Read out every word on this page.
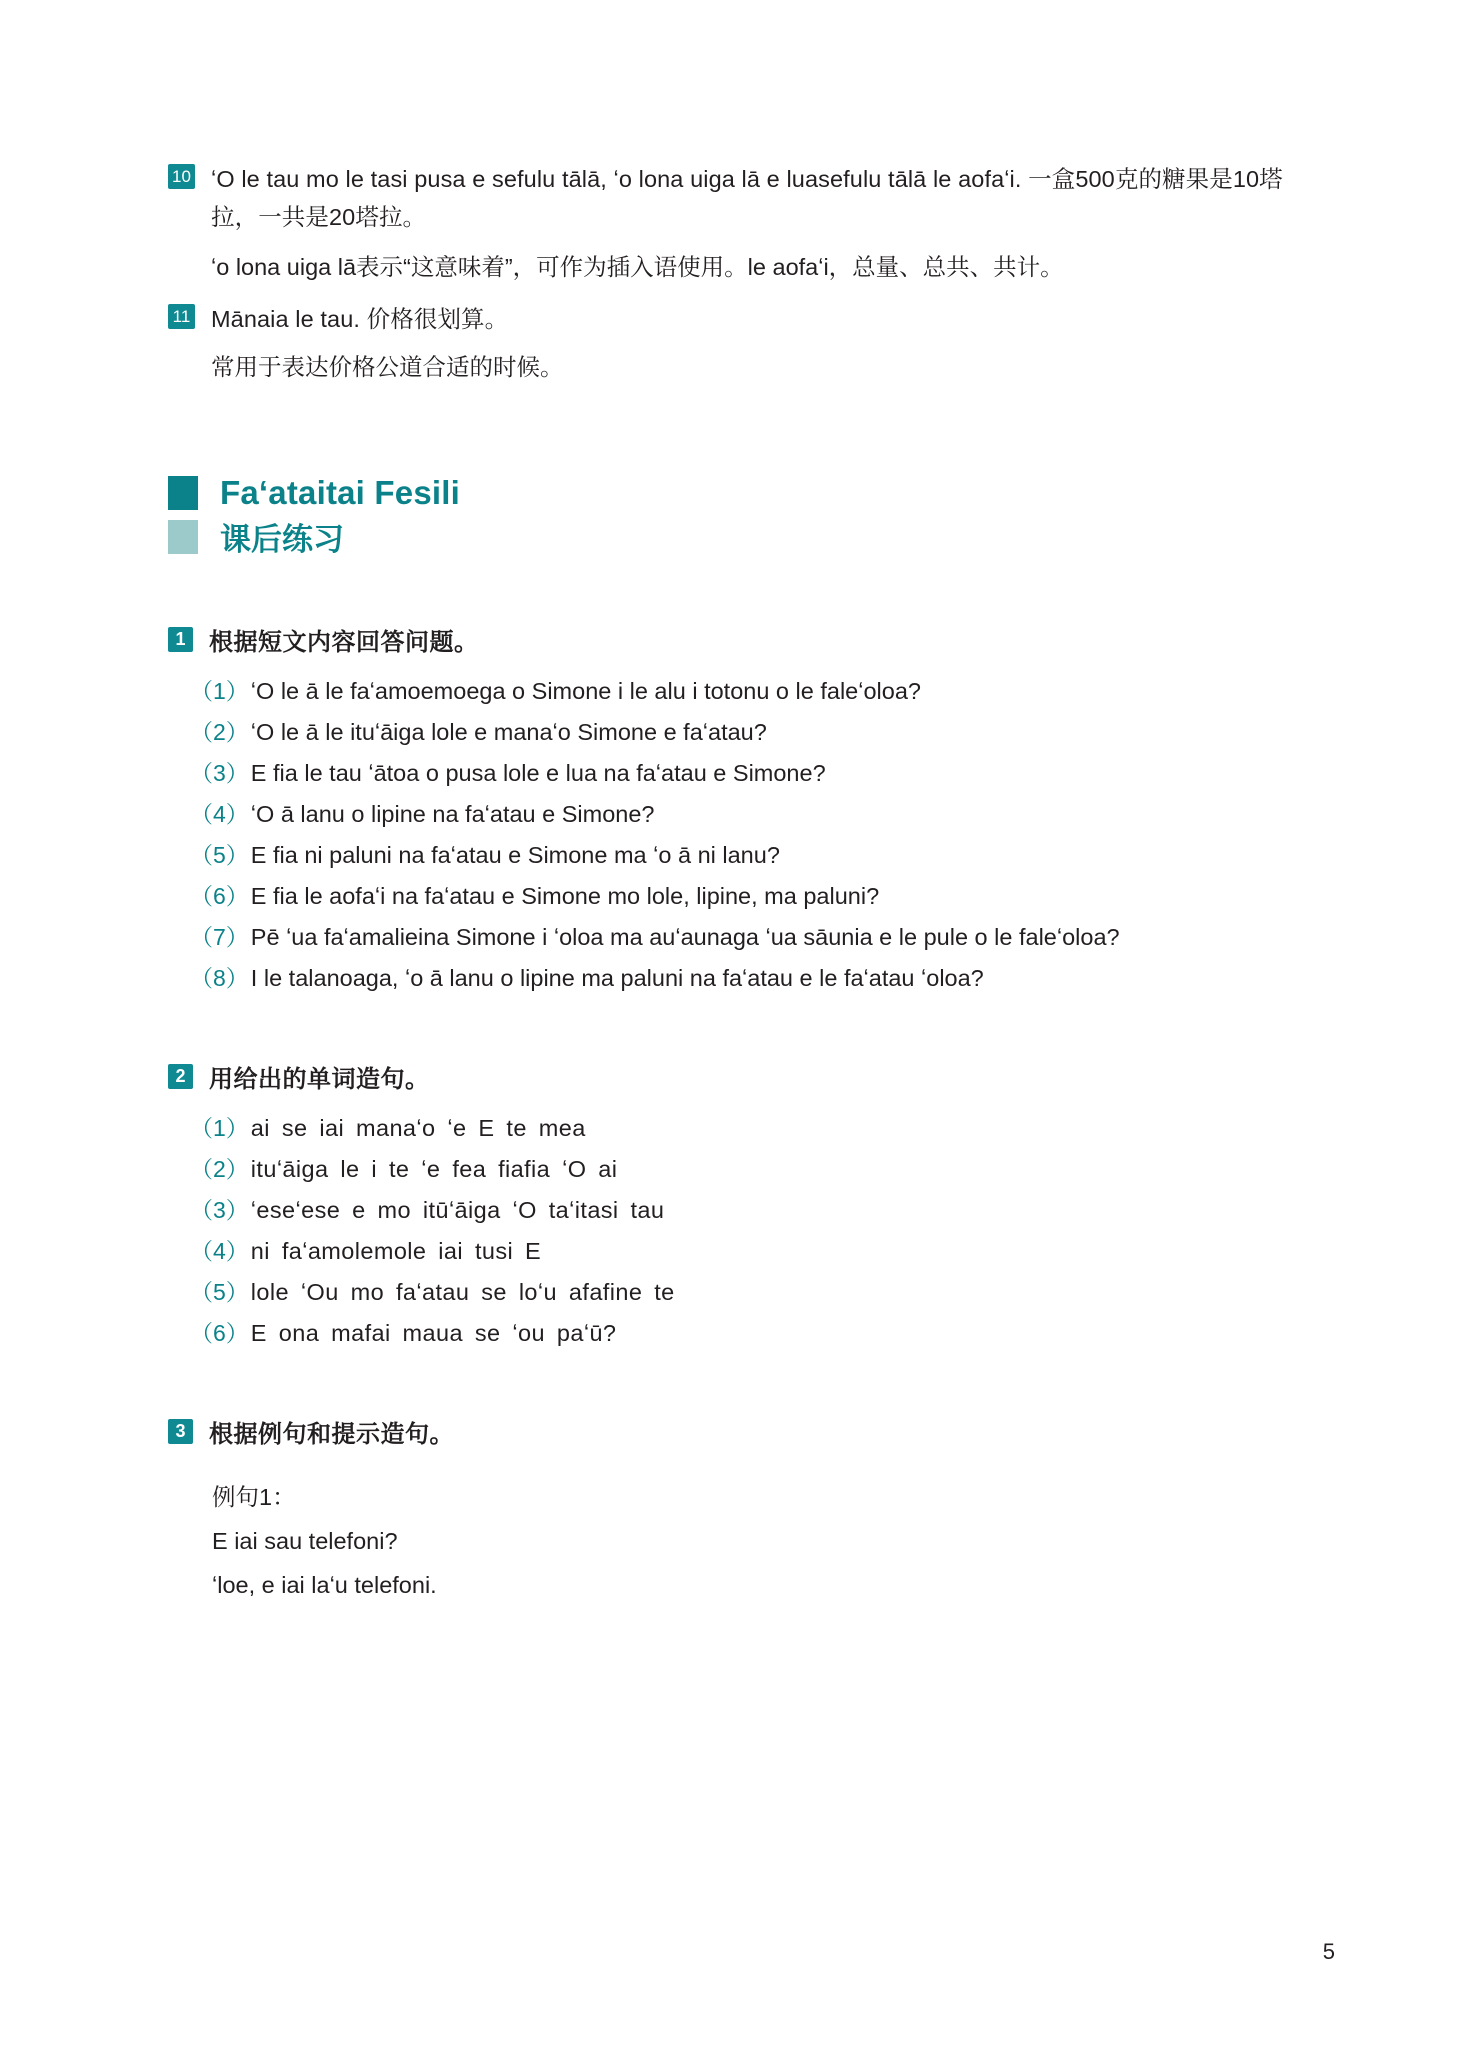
10 ʻO le tau mo le tasi pusa e sefulu tālā, ʻo lona uiga lā e luasefulu tālā le aofaʻi. 一盒500克的糖果是10塔拉，一共是20塔拉。
ʻo lona uiga lā表示“这意味着”，可作为插入语使用。le aofaʻi，总量、总共、共计。
11 Mānaia le tau. 价格很划算。
常用于表达价格公道合适的时候。
Faʻataitai Fesili
课后练习
1 根据短文内容回答问题。
（1） ʻO le ā le faʻamoemoega o Simone i le alu i totonu o le faleʻoloa?
（2） ʻO le ā le ituʻāiga lole e manaʻo Simone e faʻatau?
（3） E fia le tau ʻātoa o pusa lole e lua na faʻatau e Simone?
（4） ʻO ā lanu o lipine na faʻatau e Simone?
（5） E fia ni paluni na faʻatau e Simone ma ʻo ā ni lanu?
（6） E fia le aofaʻi na faʻatau e Simone mo lole, lipine, ma paluni?
（7） Pē ʻua faʻamalieina Simone i ʻoloa ma auʻaunaga ʻua sāunia e le pule o le faleʻoloa?
（8） I le talanoaga, ʻo ā lanu o lipine ma paluni na faʻatau e le faʻatau ʻoloa?
2 用给出的单词造句。
（1） ai se iai manaʻo ʻe E te mea
（2） ituʻāiga le i te ʻe fea fiafia ʻO ai
（3） ʻeseʻese e mo itūʻāiga ʻO taʻitasi tau
（4） ni faʻamolemole iai tusi E
（5） lole ʻOu mo faʻatau se loʻu afafine te
（6） E ona mafai maua se ʻou paʻū?
3 根据例句和提示造句。
例句1：
E iai sau telefoni?
ʻloe, e iai laʻu telefoni.
5
